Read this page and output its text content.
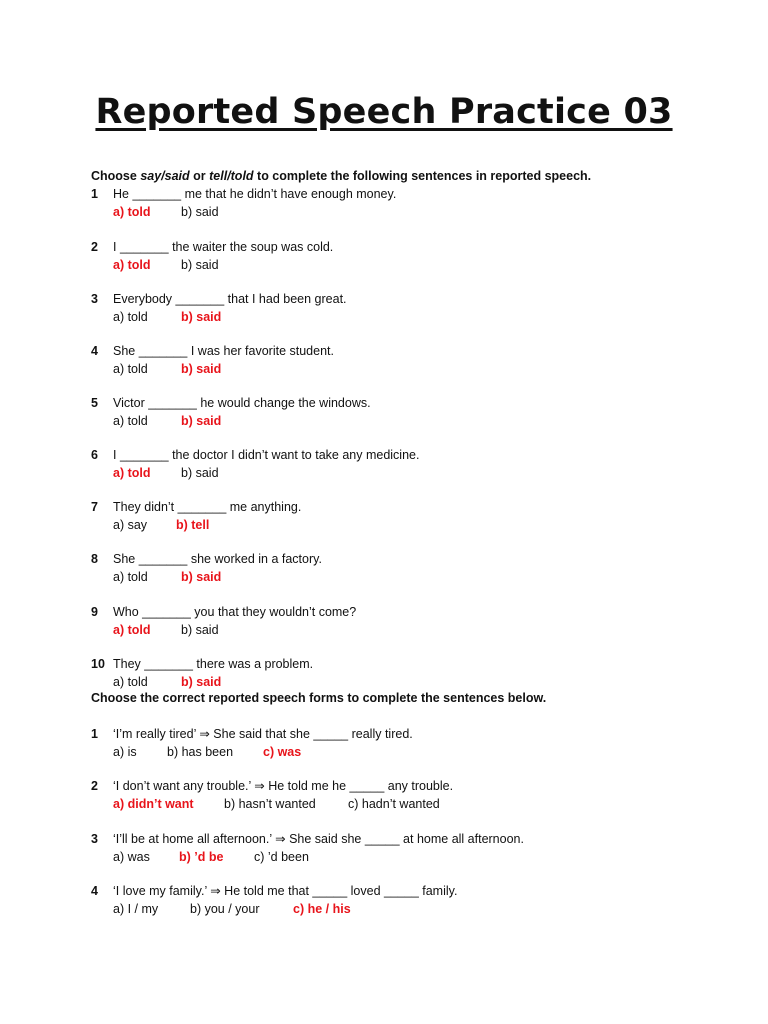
Reported Speech Practice 03
Choose say/said or tell/told to complete the following sentences in reported speech.
1 He _______ me that he didn’t have enough money.
a) told b) said
2 I _______ the waiter the soup was cold.
a) told b) said
3 Everybody _______ that I had been great.
a) told	b) said
4 She _______ I was her favorite student.
a) told	b) said
5 Victor _______ he would change the windows.
a) told	b) said
6 I _______ the doctor I didn’t want to take any medicine.
a) told b) said
7 They didn’t _______ me anything.
a) say b) tell
8 She _______ she worked in a factory.
a) told	b) said
9 Who _______ you that they wouldn’t come?
a) told b) said
10 They _______ there was a problem.
a) told	b) said
Choose the correct reported speech forms to complete the sentences below.
1 ‘I’m really tired’ ⇒ She said that she _____ really tired.
a) is b) has been c) was
2 ‘I don’t want any trouble.’ ⇒ He told me he _____ any trouble.
a) didn’t want b) hasn’t wanted	c) hadn’t wanted
3 ‘I’ll be at home all afternoon.’ ⇒ She said she _____ at home all afternoon.
a) was b) ’d be c) ’d been
4 ‘I love my family.’ ⇒ He told me that _____ loved _____ family.
a) I / my	b) you / your	c) he / his
